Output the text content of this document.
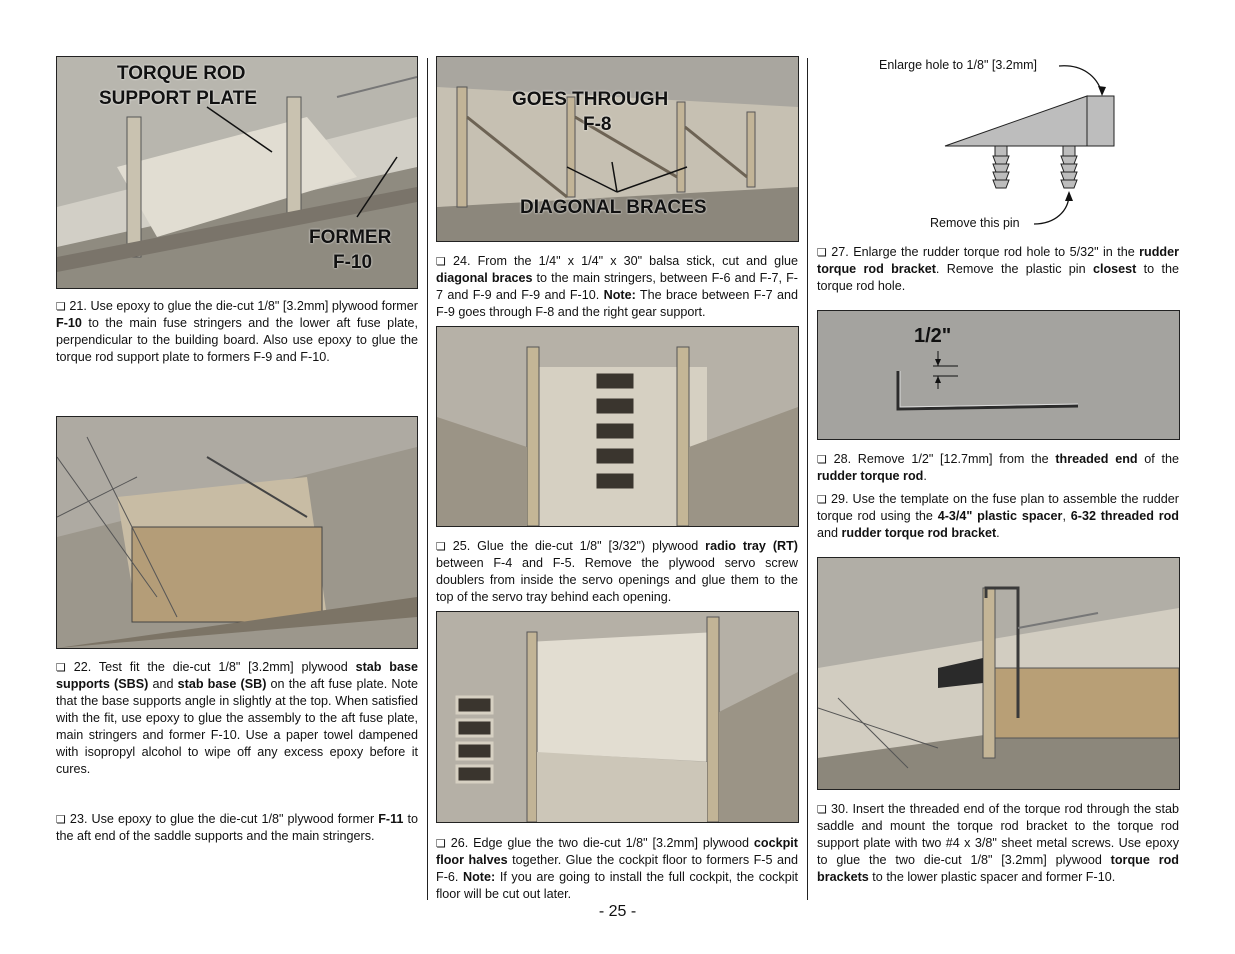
TORQUE ROD
SUPPORT PLATE
FORMER
F-10

❏ 21. Use epoxy to glue the die-cut 1/8" [3.2mm] plywood former F-10 to the main fuse stringers and the lower aft fuse plate, perpendicular to the building board. Also use epoxy to glue the torque rod support plate to formers F-9 and F-10.

❏ 22. Test fit the die-cut 1/8" [3.2mm] plywood stab base supports (SBS) and stab base (SB) on the aft fuse plate. Note that the base supports angle in slightly at the top. When satisfied with the fit, use epoxy to glue the assembly to the aft fuse plate, main stringers and former F-10. Use a paper towel dampened with isopropyl alcohol to wipe off any excess epoxy before it cures.

❏ 23. Use epoxy to glue the die-cut 1/8" plywood former F-11 to the aft end of the saddle supports and the main stringers.

GOES THROUGH
F-8
DIAGONAL BRACES

❏ 24. From the 1/4" x 1/4" x 30" balsa stick, cut and glue diagonal braces to the main stringers, between F-6 and F-7, F-7 and F-9 and F-9 and F-10. Note: The brace between F-7 and F-9 goes through F-8 and the right gear support.

❏ 25. Glue the die-cut 1/8" [3/32") plywood radio tray (RT) between F-4 and F-5. Remove the plywood servo screw doublers from inside the servo openings and glue them to the top of the servo tray behind each opening.

❏ 26. Edge glue the two die-cut 1/8" [3.2mm] plywood cockpit floor halves together. Glue the cockpit floor to formers F-5 and F-6. Note: If you are going to install the full cockpit, the cockpit floor will be cut out later.

Enlarge hole to 1/8" [3.2mm]
Remove this pin

❏ 27. Enlarge the rudder torque rod hole to 5/32" in the rudder torque rod bracket. Remove the plastic pin closest to the torque rod hole.

1/2"

❏ 28. Remove 1/2" [12.7mm] from the threaded end of the rudder torque rod.

❏ 29. Use the template on the fuse plan to assemble the rudder torque rod using the 4-3/4" plastic spacer, 6-32 threaded rod and rudder torque rod bracket.

❏ 30. Insert the threaded end of the torque rod through the stab saddle and mount the torque rod bracket to the torque rod support plate with two #4 x 3/8" sheet metal screws. Use epoxy to glue the two die-cut 1/8" [3.2mm] plywood torque rod brackets to the lower plastic spacer and former F-10.

- 25 -
